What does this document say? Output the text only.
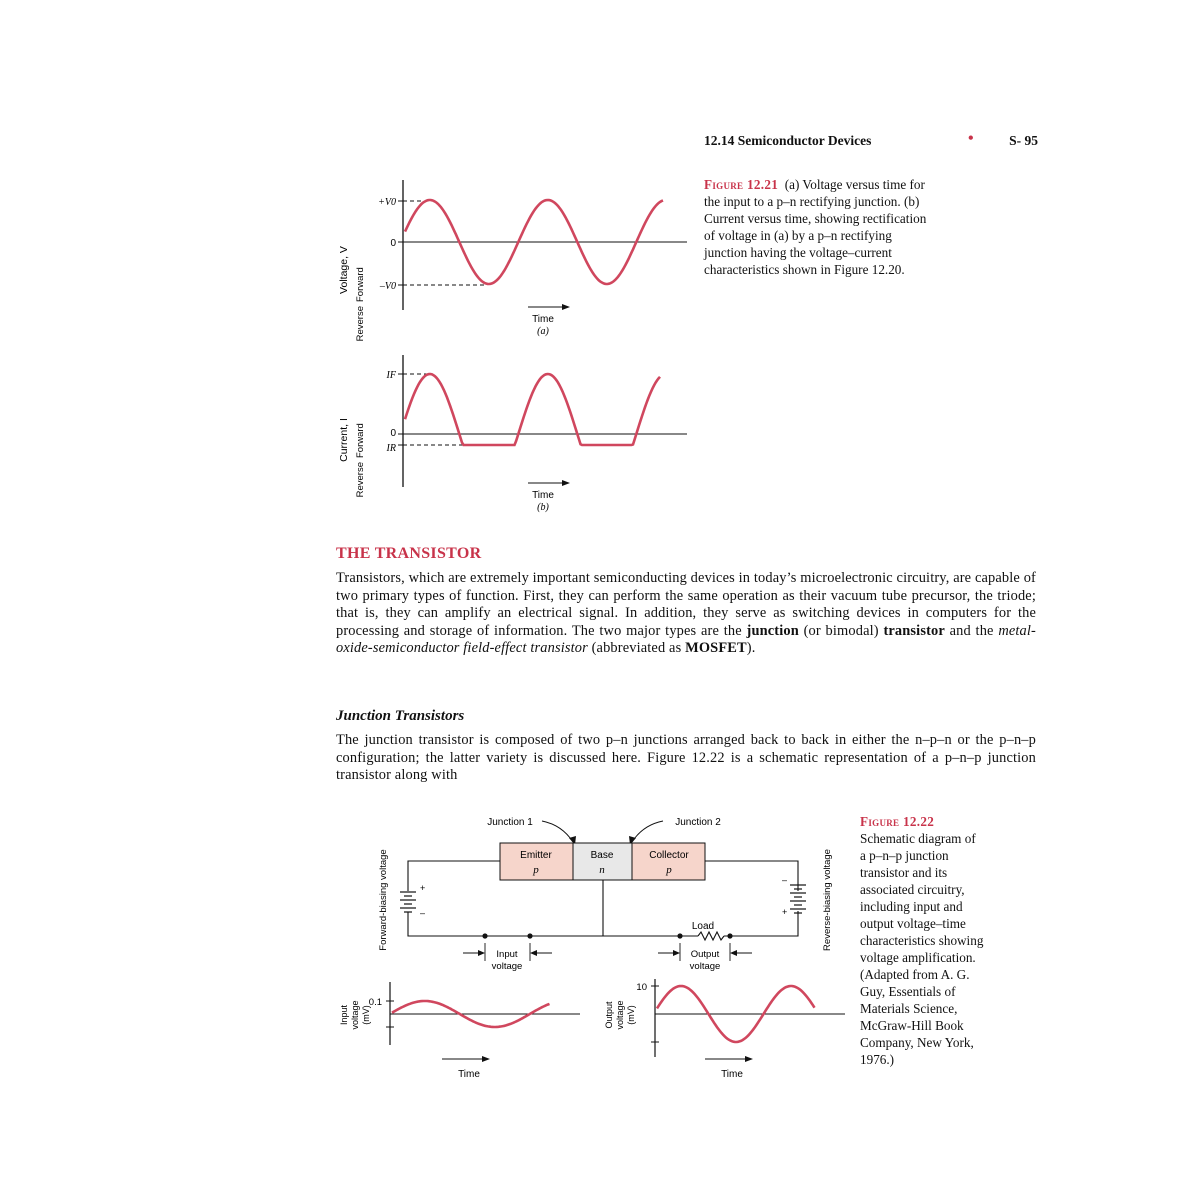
12.14 Semiconductor Devices	•	S- 95
Figure 12.21 (a) Voltage versus time for
the input to a p–n rectifying junction. (b)
Current versus time, showing rectification
of voltage in (a) by a p–n rectifying
junction having the voltage–current
characteristics shown in Figure 12.20.
Voltage, V
Reverse
Forward
+V0
0
–V0
Time
(a)
Current, I
Reverse
Forward
IF
0
IR
Time
(b)
THE TRANSISTOR
Transistors, which are extremely important semiconducting devices in today’s microelectronic circuitry, are capable of two primary types of function. First, they can perform the same operation as their vacuum tube precursor, the triode; that is, they can amplify an electrical signal. In addition, they serve as switching devices in computers for the processing and storage of information. The two major types are the junction (or bimodal) transistor and the metal-oxide-semiconductor field-effect transistor (abbreviated as MOSFET).
Junction Transistors
The junction transistor is composed of two p–n junctions arranged back to back in either the n–p–n or the p–n–p configuration; the latter variety is discussed here. Figure 12.22 is a schematic representation of a p–n–p junction transistor along with
Figure 12.22
Schematic diagram of
a p–n–p junction
transistor and its
associated circuitry,
including input and
output voltage–time
characteristics showing
voltage amplification.
(Adapted from A. G.
Guy, Essentials of
Materials Science,
McGraw-Hill Book
Company, New York,
1976.)
Junction 1	Junction 2
Emitter
p
Base
n
Collector
p
Load
+
–
Forward-biasing voltage	–
+	Reverse-biasing voltage
Input
voltage
Output
voltage
Input voltage (mV)
0.1
Time
Output voltage (mV)
10
Time
